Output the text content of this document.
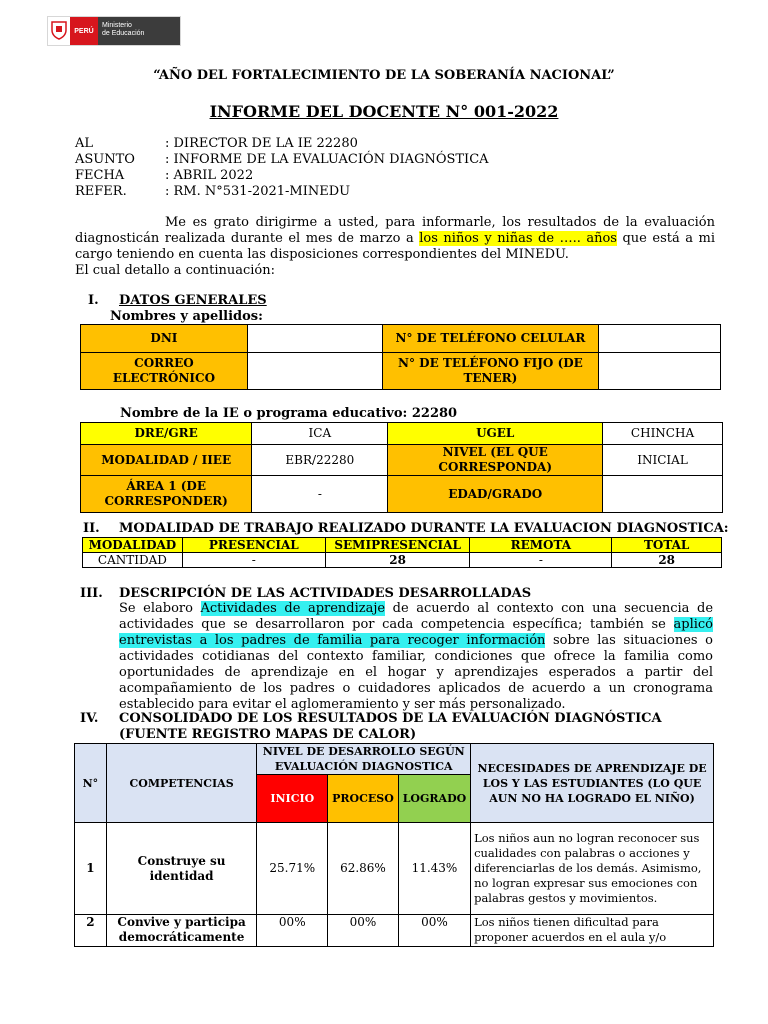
PERÚ
Ministerio
de Educación
“AÑO DEL FORTALECIMIENTO DE LA SOBERANÍA NACIONAL”
INFORME DEL DOCENTE N° 001-2022
AL	: DIRECTOR DE LA IE 22280
ASUNTO	: INFORME DE LA EVALUACIÓN DIAGNÓSTICA
FECHA	: ABRIL 2022
REFER.	: RM. N°531-2021-MINEDU
Me es grato dirigirme a usted, para informarle, los resultados de la evaluación diagnosticán realizada durante el mes de marzo a los niños y niñas de ….. años que está a mi cargo teniendo en cuenta las disposiciones correspondientes del MINEDU.
El cual detallo a continuación:
I. DATOS GENERALES
Nombres y apellidos:
DNI		N° DE TELÉFONO CELULAR	
CORREO ELECTRÓNICO		N° DE TELÉFONO FIJO (DE TENER)	
Nombre de la IE o programa educativo: 22280
DRE/GRE	ICA	UGEL	CHINCHA
MODALIDAD / IIEE	EBR/22280	NIVEL (EL QUE CORRESPONDA)	INICIAL
ÁREA 1 (DE CORRESPONDER)	-	EDAD/GRADO	
II. MODALIDAD DE TRABAJO REALIZADO DURANTE LA EVALUACION DIAGNOSTICA:
MODALIDAD	PRESENCIAL	SEMIPRESENCIAL	REMOTA	TOTAL
CANTIDAD	-	28	-	28
III. DESCRIPCIÓN DE LAS ACTIVIDADES DESARROLLADAS
Se elaboro Actividades de aprendizaje de acuerdo al contexto con una secuencia de actividades que se desarrollaron por cada competencia específica; también se aplicó entrevistas a los padres de familia para recoger información sobre las situaciones o actividades cotidianas del contexto familiar, condiciones que ofrece la familia como oportunidades de aprendizaje en el hogar y aprendizajes esperados a partir del acompañamiento de los padres o cuidadores aplicados de acuerdo a un cronograma establecido para evitar el aglomeramiento y ser más personalizado.
IV. CONSOLIDADO DE LOS RESULTADOS DE LA EVALUACIÓN DIAGNÓSTICA (FUENTE REGISTRO MAPAS DE CALOR)
N°	COMPETENCIAS	NIVEL DE DESARROLLO SEGÚN EVALUACIÓN DIAGNOSTICA			NECESIDADES DE APRENDIZAJE DE LOS Y LAS ESTUDIANTES (LO QUE AUN NO HA LOGRADO EL NIÑO)
		INICIO	PROCESO	LOGRADO	
1	Construye su identidad	25.71%	62.86%	11.43%	Los niños aun no logran reconocer sus cualidades con palabras o acciones y diferenciarlas de los demás. Asimismo, no logran expresar sus emociones con palabras gestos y movimientos.
2	Convive y participa democráticamente	00%	00%	00%	Los niños tienen dificultad para proponer acuerdos en el aula y/o
